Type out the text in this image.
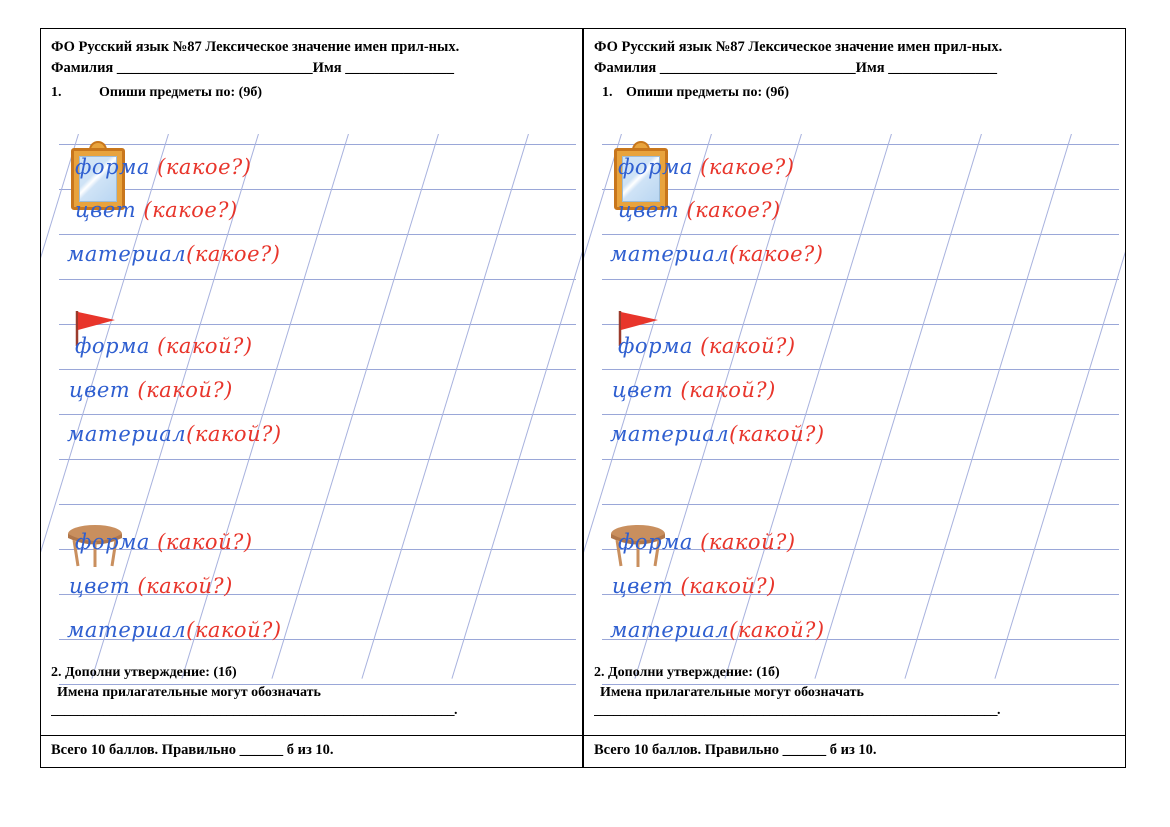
ФО Русский язык №87 Лексическое значение имен прил-ных.
Фамилия ___________________________Имя _______________
1.	Опиши предметы по: (9б)
форма (какое?)
цвет (какое?)
материал(какое?)
форма (какой?)
цвет (какой?)
материал(какой?)
форма (какой?)
цвет (какой?)
материал(какой?)
2. Дополни утверждение: (1б)
Имена прилагательные могут обозначать
______________________________________________________________.
Всего 10 баллов. Правильно ______ б из 10.
ФО Русский язык №87 Лексическое значение имен прил-ных.
Фамилия ___________________________Имя _______________
1. Опиши предметы по: (9б)
форма (какое?)
цвет (какое?)
материал(какое?)
форма (какой?)
цвет (какой?)
материал(какой?)
форма (какой?)
цвет (какой?)
материал(какой?)
2. Дополни утверждение: (1б)
Имена прилагательные могут обозначать
______________________________________________________________.
Всего 10 баллов. Правильно ______ б из 10.
